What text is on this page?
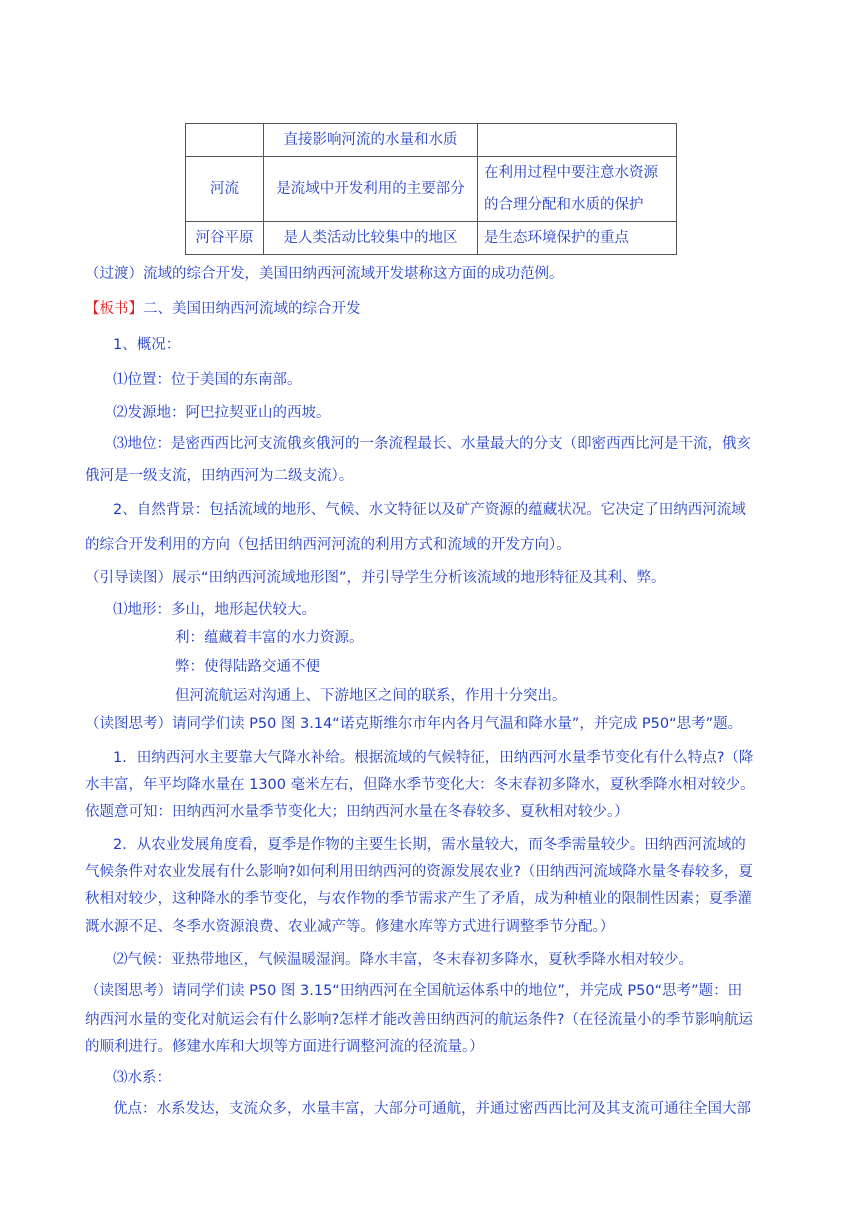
	直接影响河流的水量和水质	
河流	是流域中开发利用的主要部分	在利用过程中要注意水资源
的合理分配和水质的保护

河谷平原	是人类活动比较集中的地区	是生态环境保护的重点
（过渡）流域的综合开发，美国田纳西河流域开发堪称这方面的成功范例。
【板书】二、美国田纳西河流域的综合开发
1、概况：
⑴位置：位于美国的东南部。
⑵发源地：阿巴拉契亚山的西坡。
⑶地位：是密西西比河支流俄亥俄河的一条流程最长、水量最大的分支（即密西西比河是干流，俄亥
俄河是一级支流，田纳西河为二级支流）。
2、自然背景：包括流域的地形、气候、水文特征以及矿产资源的蕴藏状况。它决定了田纳西河流域
的综合开发利用的方向（包括田纳西河河流的利用方式和流域的开发方向）。
（引导读图）展示“田纳西河流域地形图”，并引导学生分析该流域的地形特征及其利、弊。
⑴地形：多山，地形起伏较大。
利：蕴藏着丰富的水力资源。
弊：使得陆路交通不便
但河流航运对沟通上、下游地区之间的联系，作用十分突出。
（读图思考）请同学们读 P50 图 3.14“诺克斯维尔市年内各月气温和降水量”，并完成 P50“思考”题。
1．田纳西河水主要靠大气降水补给。根据流域的气候特征，田纳西河水量季节变化有什么特点?（降
水丰富，年平均降水量在 1300 毫米左右，但降水季节变化大：冬末春初多降水，夏秋季降水相对较少。
依题意可知：田纳西河水量季节变化大；田纳西河水量在冬春较多、夏秋相对较少。）
2．从农业发展角度看，夏季是作物的主要生长期，需水量较大，而冬季需量较少。田纳西河流域的
气候条件对农业发展有什么影响?如何利用田纳西河的资源发展农业?（田纳西河流域降水量冬春较多，夏
秋相对较少，这种降水的季节变化，与农作物的季节需求产生了矛盾，成为种植业的限制性因素；夏季灌
溉水源不足、冬季水资源浪费、农业减产等。修建水库等方式进行调整季节分配。）
⑵气候：亚热带地区，气候温暖湿润。降水丰富，冬末春初多降水，夏秋季降水相对较少。
（读图思考）请同学们读 P50 图 3.15“田纳西河在全国航运体系中的地位”，并完成 P50“思考”题：田
纳西河水量的变化对航运会有什么影响?怎样才能改善田纳西河的航运条件?（在径流量小的季节影响航运
的顺利进行。修建水库和大坝等方面进行调整河流的径流量。）
⑶水系：
优点：水系发达，支流众多，水量丰富，大部分可通航，并通过密西西比河及其支流可通往全国大部
